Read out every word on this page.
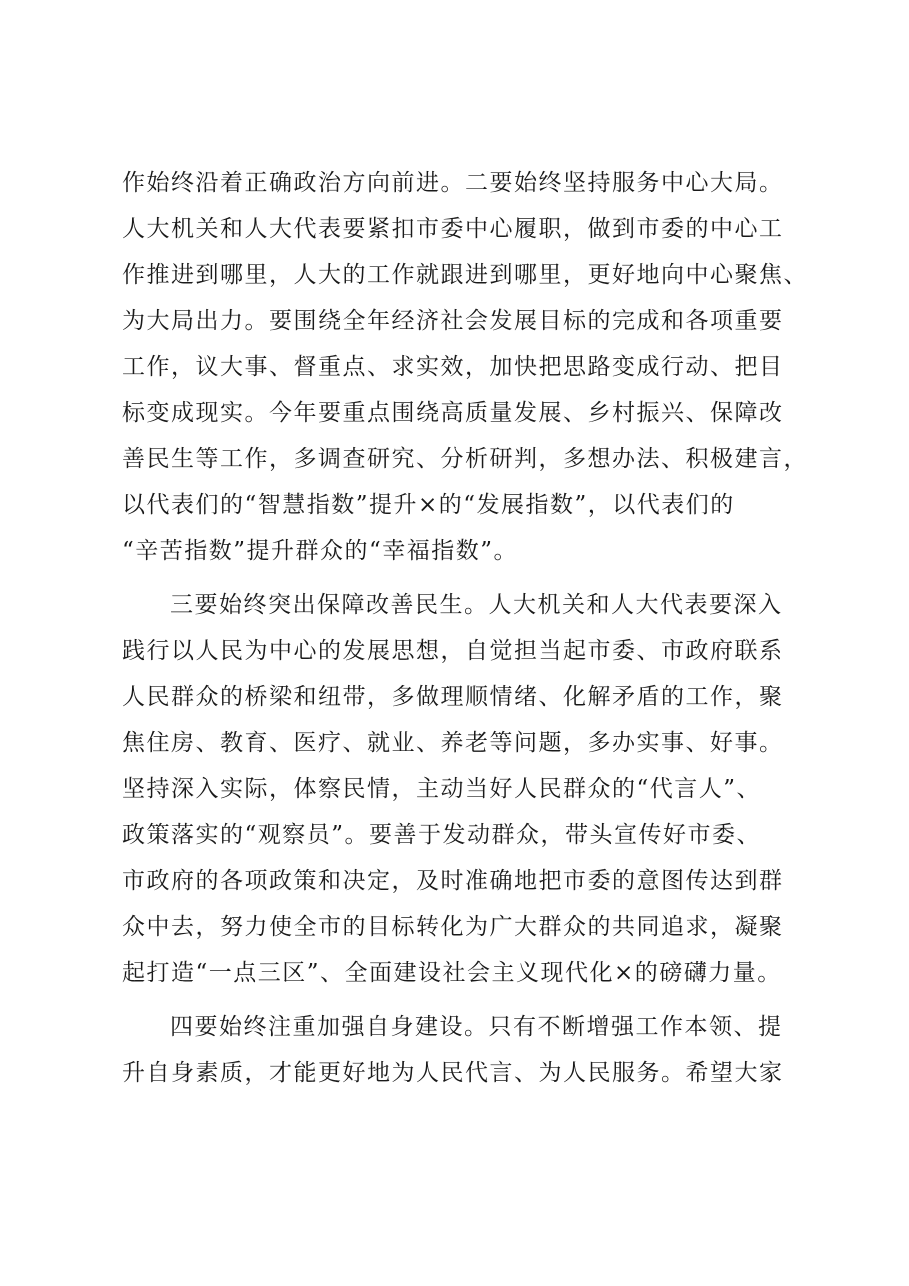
作始终沿着正确政治方向前进。二要始终坚持服务中心大局。
人大机关和人大代表要紧扣市委中心履职，做到市委的中心工
作推进到哪里，人大的工作就跟进到哪里，更好地向中心聚焦、
为大局出力。要围绕全年经济社会发展目标的完成和各项重要
工作，议大事、督重点、求实效，加快把思路变成行动、把目
标变成现实。今年要重点围绕高质量发展、乡村振兴、保障改
善民生等工作，多调查研究、分析研判，多想办法、积极建言，
以代表们的“智慧指数”提升×的“发展指数”，以代表们的
“辛苦指数”提升群众的“幸福指数”。
三要始终突出保障改善民生。人大机关和人大代表要深入
践行以人民为中心的发展思想，自觉担当起市委、市政府联系
人民群众的桥梁和纽带，多做理顺情绪、化解矛盾的工作，聚
焦住房、教育、医疗、就业、养老等问题，多办实事、好事。
坚持深入实际，体察民情，主动当好人民群众的“代言人”、
政策落实的“观察员”。要善于发动群众，带头宣传好市委、
市政府的各项政策和决定，及时准确地把市委的意图传达到群
众中去，努力使全市的目标转化为广大群众的共同追求，凝聚
起打造“一点三区”、全面建设社会主义现代化×的磅礴力量。
四要始终注重加强自身建设。只有不断增强工作本领、提
升自身素质，才能更好地为人民代言、为人民服务。希望大家
